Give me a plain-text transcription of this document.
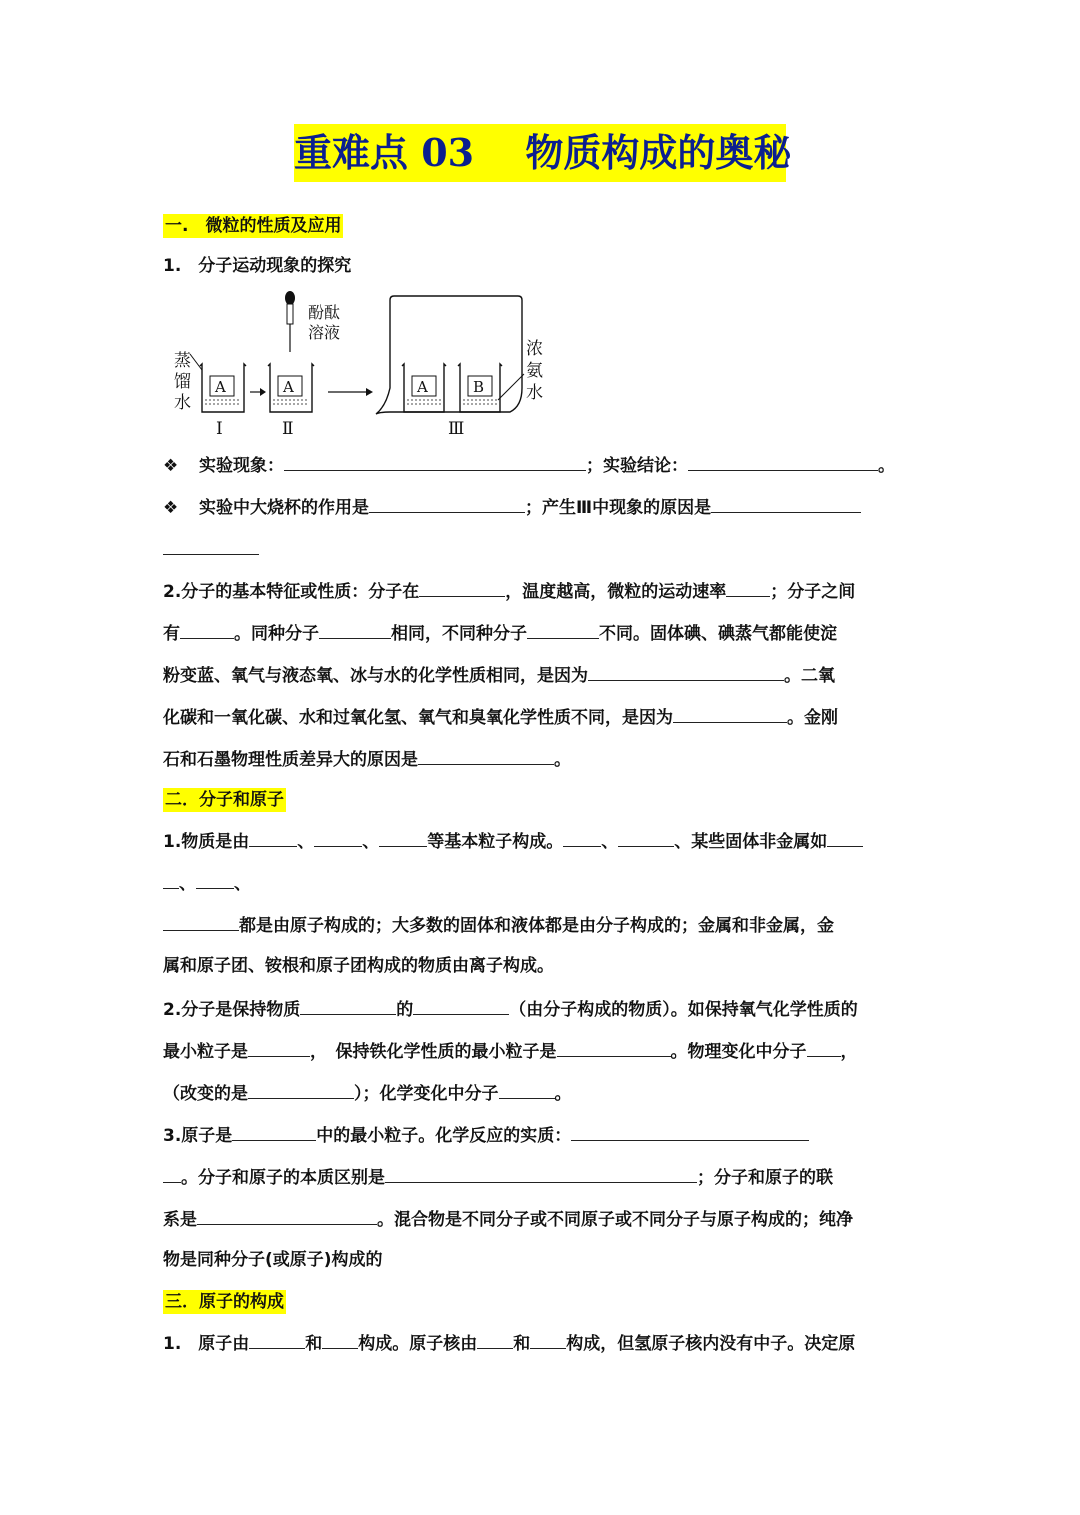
重难点 03　 物质构成的奥秘
一.　微粒的性质及应用
1.　分子运动现象的探究
蒸
馏
水
A
Ⅰ
酚酞
溶液
A
Ⅱ
A	B
浓
氨
水
Ⅲ
❖ 实验现象：	；实验结论：	。
❖ 实验中大烧杯的作用是	；产生Ⅲ中现象的原因是
2.分子的基本特征或性质：分子在	，温度越高，微粒的运动速率	；分子之间
有	。同种分子	相同，不同种分子	不同。固体碘、碘蒸气都能使淀
粉变蓝、氧气与液态氧、冰与水的化学性质相同，是因为	。二氧
化碳和一氧化碳、水和过氧化氢、氧气和臭氧化学性质不同，是因为	。金刚
石和石墨物理性质差异大的原因是	。
二．分子和原子
1.物质是由	、	、	等基本粒子构成。 、	、某些固体非金属如
、 、
都是由原子构成的；大多数的固体和液体都是由分子构成的；金属和非金属，金
属和原子团、铵根和原子团构成的物质由离子构成。
2.分子是保持物质	的	（由分子构成的物质）。如保持氧气化学性质的
最小粒子是	，　保持铁化学性质的最小粒子是	。物理变化中分子 ，
（改变的是	）；化学变化中分子	。
3.原子是	中的最小粒子。化学反应的实质：
。分子和原子的本质区别是	；分子和原子的联
系是	。混合物是不同分子或不同原子或不同分子与原子构成的；纯净
物是同种分子(或原子)构成的
三．原子的构成
1.　原子由	和 构成。原子核由 和 构成，但氢原子核内没有中子。决定原
